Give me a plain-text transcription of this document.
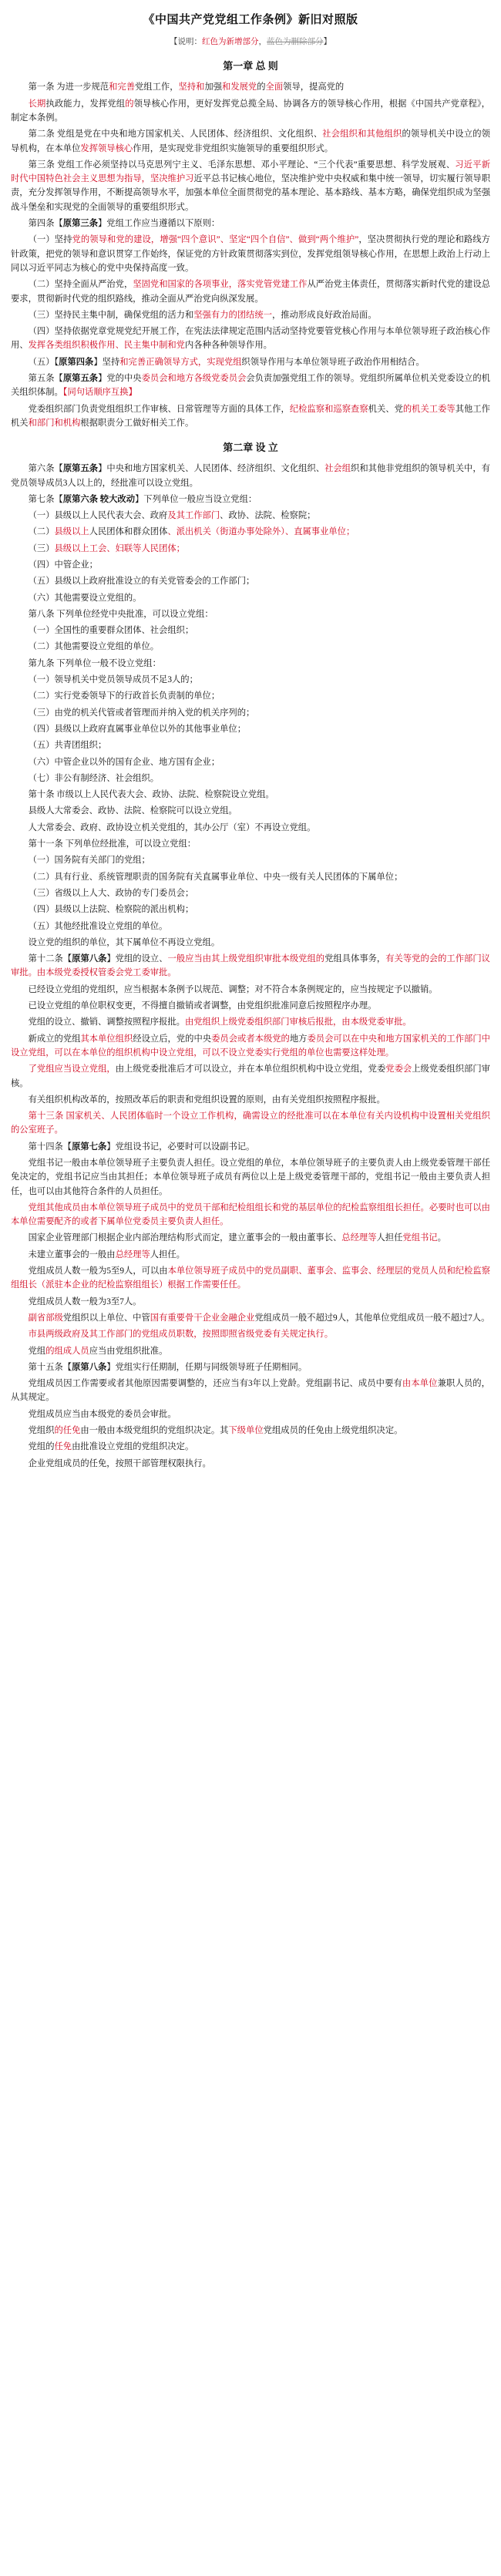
《中国共产党党组工作条例》新旧对照版
【说明：红色为新增部分，蓝色为删除部分】
第一章 总 则

第一条 为进一步规范和完善党组工作，坚持和加强和发展党的全面领导，提高党的

长期执政能力，发挥党组的领导核心作用，更好发挥党总揽全局、协调各方的领导核心作用，根据《中国共产党章程》，制定本条例。

第二条 党组是党在中央和地方国家机关、人民团体、经济组织、文化组织、社会组织和其他组织的领导机关中设立的领导机构，在本单位发挥领导核心作用，是实现党非党组织实施领导的重要组织形式。

第三条 党组工作必须坚持以马克思列宁主义、毛泽东思想、邓小平理论、“三个代表”重要思想、科学发展观、习近平新时代中国特色社会主义思想为指导，坚决维护习近平总书记核心地位，坚决维护党中央权威和集中统一领导，切实履行领导职责，充分发挥领导作用，不断提高领导水平，加强本单位全面贯彻党的基本理论、基本路线、基本方略，确保党组织成为坚强战斗堡垒和实现党的全面领导的重要组织形式。

第四条【原第三条】党组工作应当遵循以下原则：

（一）坚持党的领导和党的建设，增强“四个意识”、坚定“四个自信”、做到“两个维护”，坚决贯彻执行党的理论和路线方针政策，把党的领导和意识贯穿工作始终，保证党的方针政策贯彻落实到位，发挥党组领导核心作用，在思想上政治上行动上同以习近平同志为核心的党中央保持高度一致。

（二）坚持全面从严治党，坚固党和国家的各项事业，落实党管党建工作从严治党主体责任，贯彻落实新时代党的建设总要求，贯彻新时代党的组织路线，推动全面从严治党向纵深发展。

（三）坚持民主集中制，确保党组的活力和坚强有力的团结统一，推动形成良好政治局面。

（四）坚持依据党章党规党纪开展工作，在宪法法律规定范围内活动坚持党要管党核心作用与本单位领导班子政治核心作用、发挥各类组织积极作用、民主集中制和党内各种各种领导作用。

（五）【原第四条】坚持和完善正确领导方式，实现党组织领导作用与本单位领导班子政治作用相结合。

第五条【原第五条】党的中央委员会和地方各级党委员会会负责加强党组工作的领导。党组织所属单位机关党委设立的机关组织体制。【同句话顺序互换】

党委组织部门负责党组组织工作审核、日常管理等方面的具体工作，纪检监察和巡察查察机关、党的机关工委等其他工作机关和部门和机构根据职责分工做好相关工作。

第二章 设 立

第六条【原第五条】中央和地方国家机关、人民团体、经济组织、文化组织、社会组织和其他非党组织的领导机关中，有党员领导成员3人以上的，经批准可以设立党组。

第七条【原第六条 较大改动】下列单位一般应当设立党组：

（一）县级以上人民代表大会、政府及其工作部门、政协、法院、检察院；

（二）县级以上人民团体和群众团体、派出机关（街道办事处除外）、直属事业单位；

（三）县级以上工会、妇联等人民团体；

（四）中管企业；

（五）县级以上政府批准设立的有关党管委会的工作部门；

（六）其他需要设立党组的。

第八条 下列单位经党中央批准，可以设立党组：

（一）全国性的重要群众团体、社会组织；

（二）其他需要设立党组的单位。

第九条 下列单位一般不设立党组：

（一）领导机关中党员领导成员不足3人的；

（二）实行党委领导下的行政首长负责制的单位；

（三）由党的机关代管或者管理而并纳入党的机关序列的；

（四）县级以上政府直属事业单位以外的其他事业单位；

（五）共青团组织；

（六）中管企业以外的国有企业、地方国有企业；

（七）非公有制经济、社会组织。

第十条 市级以上人民代表大会、政协、法院、检察院设立党组。

县级人大常委会、政协、法院、检察院可以设立党组。

人大常委会、政府、政协设立机关党组的，其办公厅（室）不再设立党组。

第十一条 下列单位经批准，可以设立党组：

（一）国务院有关部门的党组；

（二）具有行业、系统管理职责的国务院有关直属事业单位、中央一级有关人民团体的下属单位；

（三）省级以上人大、政协的专门委员会；

（四）县级以上法院、检察院的派出机构；

（五）其他经批准设立党组的单位。

设立党的组织的单位，其下属单位不再设立党组。

第十二条【原第八条】党组的设立、一般应当由其上级党组织审批本级党组的党组具体事务，有关等党的会的工作部门议审批。由本级党委授权管委会党工委审批。

已经设立党组的党组织，应当根据本条例予以规范、调整；对不符合本条例规定的，应当按规定予以撤销。

已设立党组的单位职权变更，不得擅自撤销或者调整，由党组织批准同意后按照程序办理。

党组的设立、撤销、调整按照程序报批。由党组织上级党委组织部门审核后报批，由本级党委审批。

新成立的党组其本单位组织经设立后，党的中央委员会或者本级党的地方委员会可以在中央和地方国家机关的工作部门中设立党组，可以在本单位的组织机构中设立党组，可以不设立党委实行党组的单位也需要这样处理。

了党组应当设立党组，由上级党委批准后才可以设立，并在本单位组织机构中设立党组，党委党委会上级党委组织部门审核。

有关组织机构改革的，按照改革后的职责和党组织设置的原则，由有关党组织按照程序报批。

第十三条 国家机关、人民团体临时一个设立工作机构，确需设立的经批准可以在本单位有关内设机构中设置相关党组织的公室班子。

第十四条【原第七条】党组设书记，必要时可以设副书记。

党组书记一般由本单位领导班子主要负责人担任。设立党组的单位，本单位领导班子的主要负责人由上级党委管理干部任免决定的，党组书记应当由其担任；本单位领导班子成员有两位以上是上级党委管理干部的，党组书记一般由主要负责人担任，也可以由其他符合条件的人员担任。

党组其他成员由本单位领导班子成员中的党员干部和纪检组组长和党的基层单位的纪检监察组组长担任。必要时也可以由本单位需要配齐的或者下属单位党委员主要负责人担任。

国家企业管理部门根据企业内部治理结构形式而定，建立董事会的一般由董事长、总经理等人担任党组书记。

未建立董事会的一般由总经理等人担任。

党组成员人数一般为5至9人，可以由本单位领导班子成员中的党员副职、董事会、监事会、经理层的党员人员和纪检监察组组长（派驻本企业的纪检监察组组长）根据工作需要任任。

党组成员人数一般为3至7人。

副省部级党组织以上单位、中管国有重要骨干企业金融企业党组成员一般不超过9人，其他单位党组成员一般不超过7人。

市县两级政府及其工作部门的党组成员职数，按照即照省级党委有关规定执行。

党组的组成人员应当由党组织批准。

第十五条【原第八条】党组实行任期制，任期与同级领导班子任期相同。

党组成员因工作需要或者其他原因需要调整的，还应当有3年以上党龄。党组副书记、成员中要有由本单位兼职人员的，从其规定。

党组成员应当由本级党的委员会审批。

党组织的任免由一般由本级党组织的党组织决定。其下级单位党组成员的任免由上级党组织决定。

党组的任免由批准设立党组的党组织决定。

企业党组成员的任免，按照干部管理权限执行。
